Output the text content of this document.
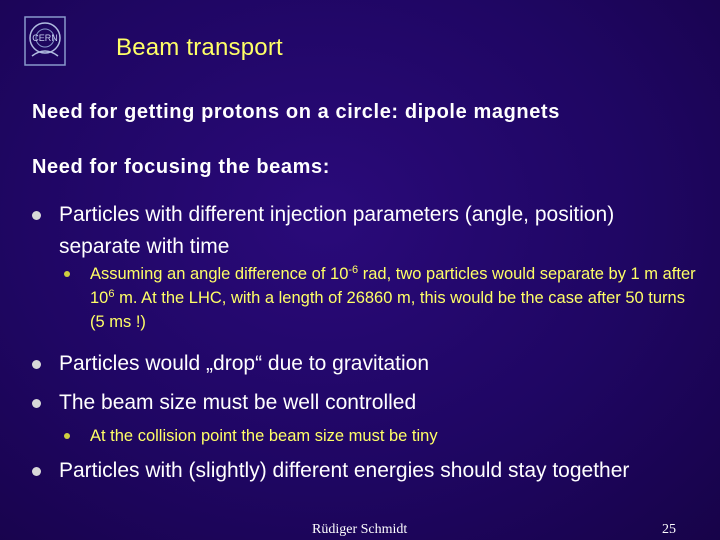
CERN Beam transport
Need for getting protons on a circle: dipole magnets
Need for focusing the beams:
Particles with different injection parameters (angle, position) separate with time
Assuming an angle difference of $10^{-6}$ rad, two particles would separate by 1 m after $10^6$ m. At the LHC, with a length of 26860 m, this would be the case after 50 turns (5 ms !)
Particles would „drop“ due to gravitation
The beam size must be well controlled
At the collision point the beam size must be tiny
Particles with (slightly) different energies should stay together
Rüdiger Schmidt	25
